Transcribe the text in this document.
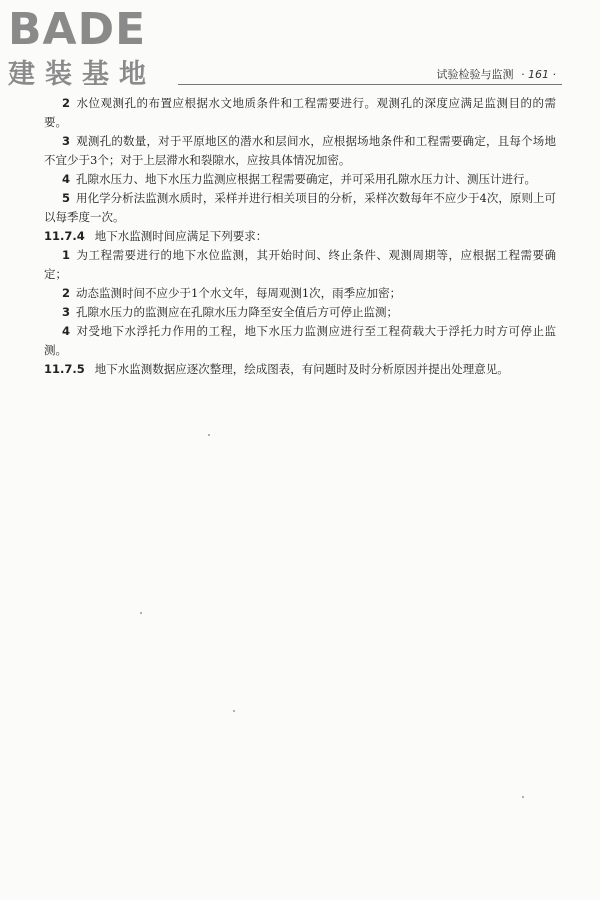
BADE
建装基地	试验检验与监测 · 161 ·

2 水位观测孔的布置应根据水文地质条件和工程需要进行。观测孔的深度应满足监测目的的需要。

3 观测孔的数量，对于平原地区的潜水和层间水，应根据场地条件和工程需要确定，且每个场地不宜少于3个；对于上层滞水和裂隙水，应按具体情况加密。

4 孔隙水压力、地下水压力监测应根据工程需要确定，并可采用孔隙水压力计、测压计进行。

5 用化学分析法监测水质时，采样并进行相关项目的分析，采样次数每年不应少于4次，原则上可以每季度一次。

11.7.4 地下水监测时间应满足下列要求：

1 为工程需要进行的地下水位监测，其开始时间、终止条件、观测周期等，应根据工程需要确定；

2 动态监测时间不应少于1个水文年，每周观测1次，雨季应加密；

3 孔隙水压力的监测应在孔隙水压力降至安全值后方可停止监测；

4 对受地下水浮托力作用的工程，地下水压力监测应进行至工程荷载大于浮托力时方可停止监测。

11.7.5 地下水监测数据应逐次整理，绘成图表，有问题时及时分析原因并提出处理意见。
